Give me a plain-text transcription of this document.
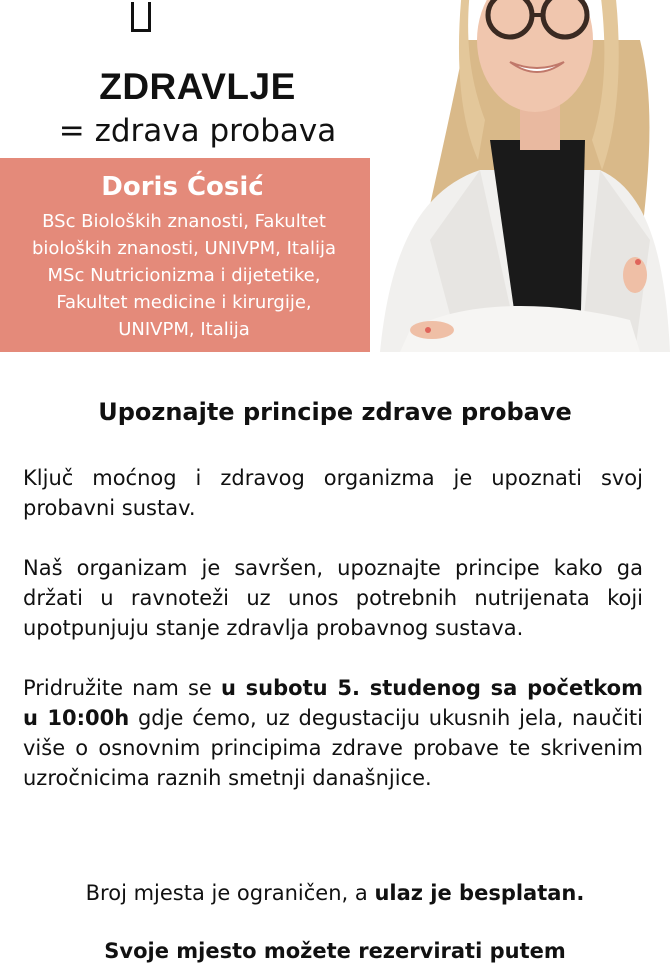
ZDRAVLJE
= zdrava probava
Doris Ćosić
BSc Bioloških znanosti, Fakultet
bioloških znanosti, UNIVPM, Italija
MSc Nutricionizma i dijetetike,
Fakultet medicine i kirurgije,
UNIVPM, Italija
Upoznajte principe zdrave probave
Ključ moćnog i zdravog organizma je upoznati svoj probavni sustav.
Naš organizam je savršen, upoznajte principe kako ga držati u ravnoteži uz unos potrebnih nutrijenata koji upotpunjuju stanje zdravlja probavnog sustava.
Pridružite nam se u subotu 5. studenog sa početkom u 10:00h gdje ćemo, uz degustaciju ukusnih jela, naučiti više o osnovnim principima zdrave probave te skrivenim uzročnicima raznih smetnji današnjice.
Broj mjesta je ograničen, a ulaz je besplatan.
Svoje mjesto možete rezervirati putem
